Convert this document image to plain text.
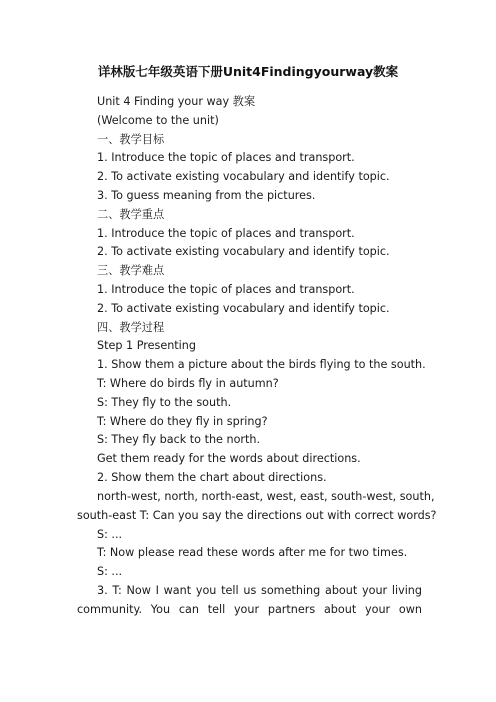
详林版七年级英语下册Unit4Findingyourway教案
Unit 4 Finding your way 教案
(Welcome to the unit)
一、教学目标
1. Introduce the topic of places and transport.
2. To activate existing vocabulary and identify topic.
3. To guess meaning from the pictures.
二、教学重点
1. Introduce the topic of places and transport.
2. To activate existing vocabulary and identify topic.
三、教学难点
1. Introduce the topic of places and transport.
2. To activate existing vocabulary and identify topic.
四、教学过程
Step 1 Presenting
1. Show them a picture about the birds flying to the south.
T: Where do birds fly in autumn?
S: They fly to the south.
T: Where do they fly in spring?
S: They fly back to the north.
Get them ready for the words about directions.
2. Show them the chart about directions.
north-west, north, north-east, west, east, south-west, south,
south-east T: Can you say the directions out with correct words?
S: ...
T: Now please read these words after me for two times.
S: ...
3. T: Now I want you tell us something about your living
community. You can tell your partners about your own
